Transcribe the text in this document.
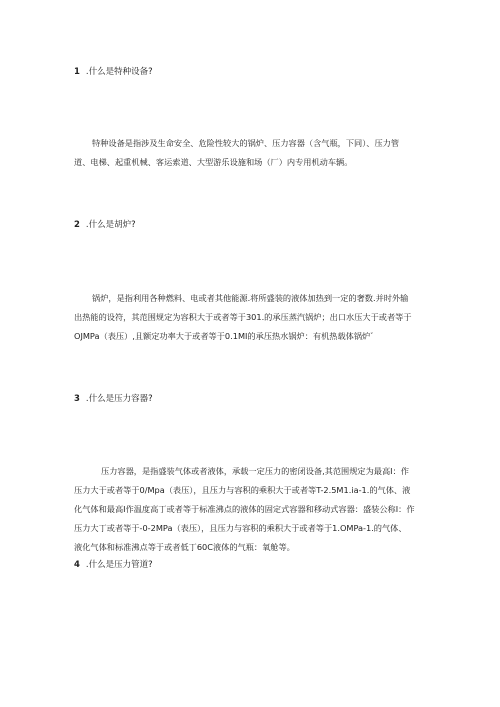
1 .什么是特种设备?
特种设备是指涉及生命安全、危险性较大的锅炉、压力容器（含气瓶，下同）、压力管
道、电梯、起重机械、客运索道、大型游乐设施和场（厂）内专用机动车辆。
2 .什么是胡炉?
锅炉，是指利用各种燃料、电或者其他能源.将所盛装的液体加热到一定的奢数.并时外输
出热能的设符，其范围规定为容积大于或者等于301.的承压蒸汽锅炉；出口水压大于或者等于
OJMPa（表压）,且额定功率大于或者等于0.1MI的承压热水锅炉：有机热载体锅炉゛
3 .什么是压力容器?
压力容器，是指盛装气体或者液体，承载一定压力的密闭设备,其范围规定为最高I：作
压力大于或者等于0/Mpa（表压），且压力与容积的乘积大于或者等T-2.5M1.ia-1.的气体、液
化气体和最高I作温度高丁或者等于标准沸点的液体的固定式容器和移动式容器：盛装公称I：作
压力大丁或者等于-0-2MPa（表压），且压力与容积的乘积大于或者等于1.OMPa-1.的气体、
液化气体和标准沸点等于或者低丁60C液体的气瓶：氧舱等。
4 .什么是压力管道?
